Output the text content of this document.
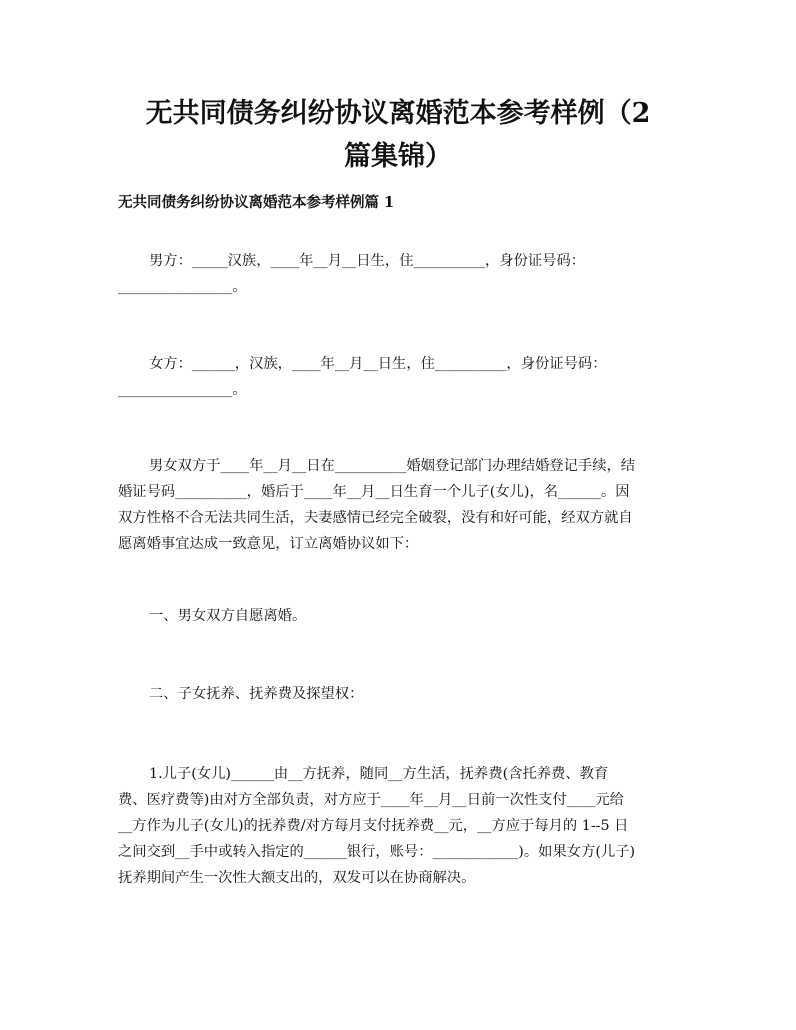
无共同债务纠纷协议离婚范本参考样例（2
篇集锦）
无共同债务纠纷协议离婚范本参考样例篇 1

男方：_____汉族，____年__月__日生，住__________，身份证号码：
________________。

女方：______，汉族，____年__月__日生，住__________，身份证号码：
________________。

男女双方于____年__月__日在__________婚姻登记部门办理结婚登记手续，结
婚证号码__________，婚后于____年__月__日生育一个儿子(女儿)，名______。因
双方性格不合无法共同生活，夫妻感情已经完全破裂，没有和好可能，经双方就自
愿离婚事宜达成一致意见，订立离婚协议如下：

一、男女双方自愿离婚。

二、子女抚养、抚养费及探望权：

1.儿子(女儿)______由__方抚养，随同__方生活，抚养费(含托养费、教育
费、医疗费等)由对方全部负责，对方应于____年__月__日前一次性支付____元给
__方作为儿子(女儿)的抚养费/对方每月支付抚养费__元，__方应于每月的 1--5 日
之间交到__手中或转入指定的______银行，账号：____________)。如果女方(儿子)
抚养期间产生一次性大额支出的，双发可以在协商解决。
